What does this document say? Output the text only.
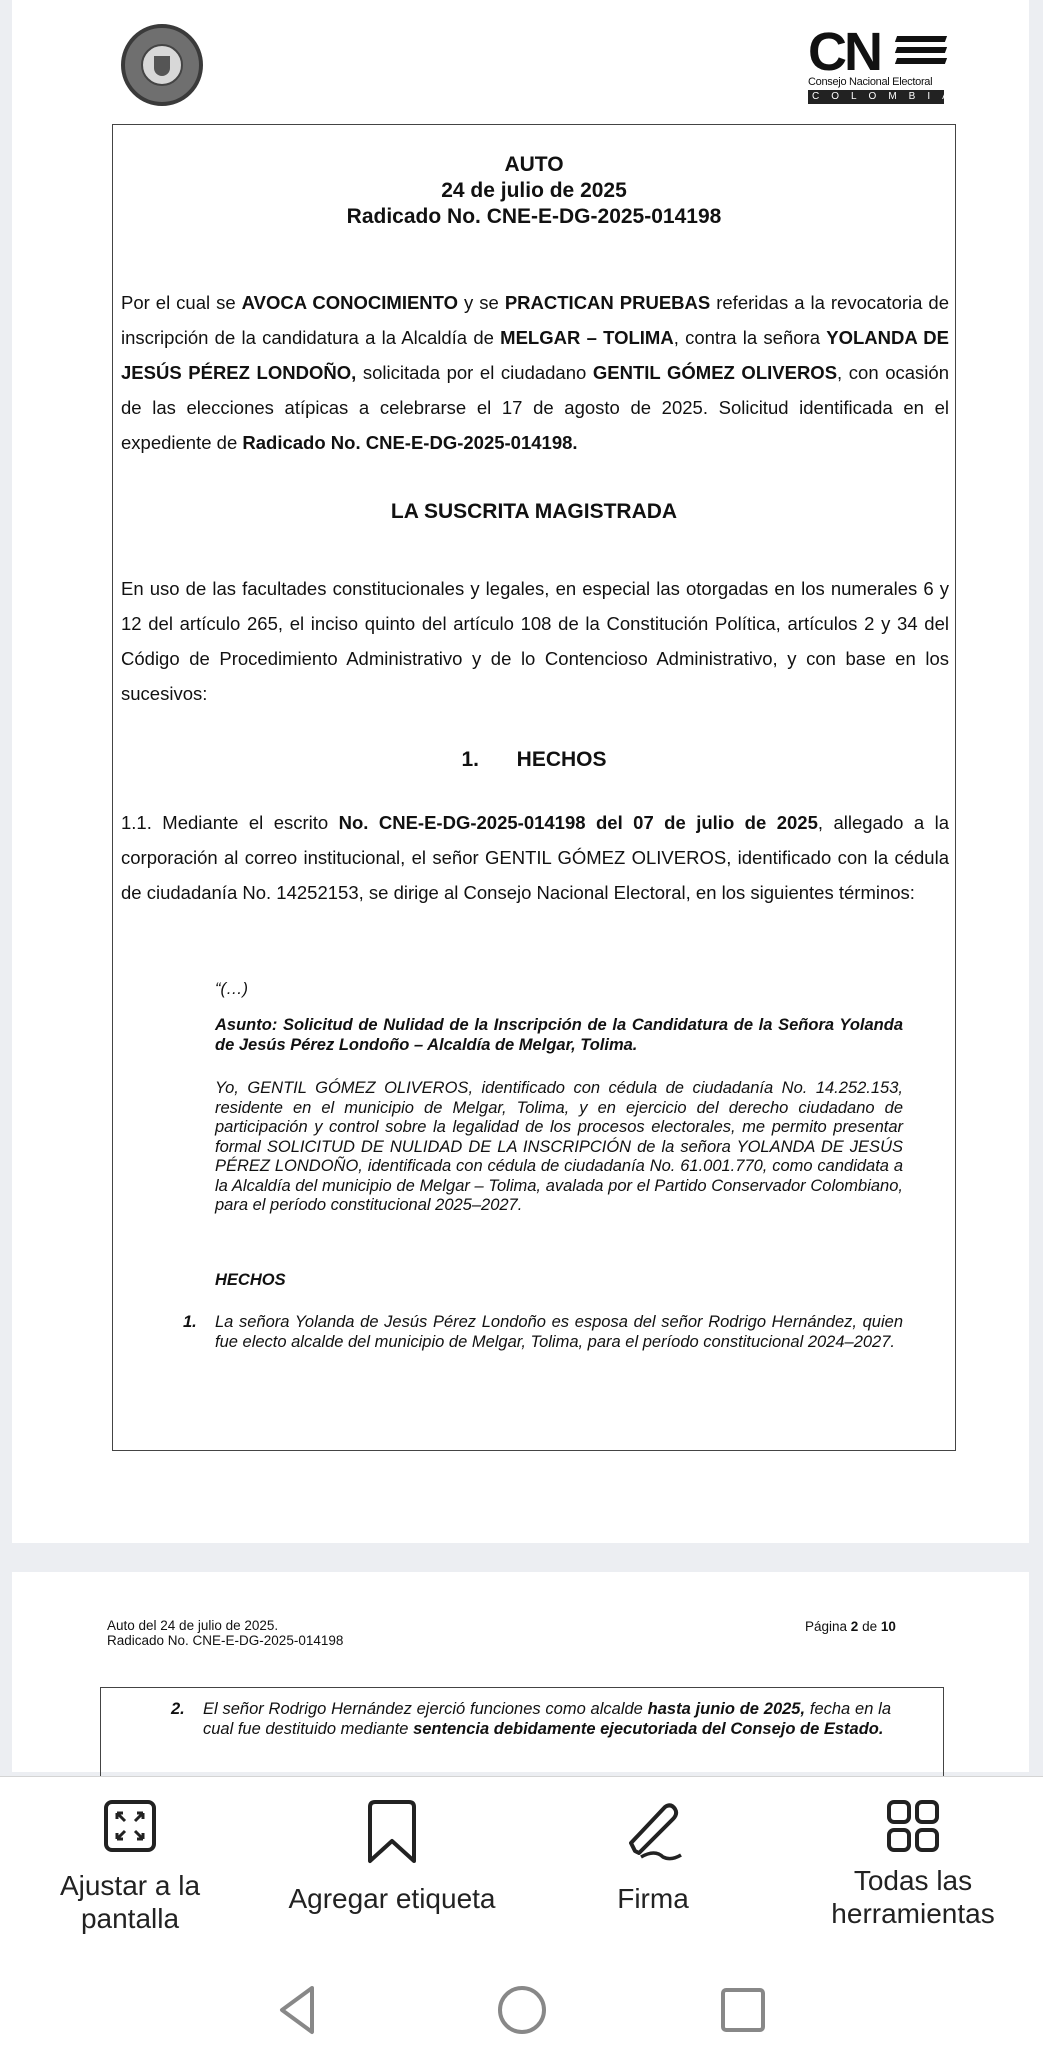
CN
Consejo Nacional Electoral
COLOMBIA
AUTO
24 de julio de 2025
Radicado No. CNE-E-DG-2025-014198
Por el cual se AVOCA CONOCIMIENTO y se PRACTICAN PRUEBAS referidas a la revocatoria de inscripción de la candidatura a la Alcaldía de MELGAR – TOLIMA, contra la señora YOLANDA DE JESÚS PÉREZ LONDOÑO, solicitada por el ciudadano GENTIL GÓMEZ OLIVEROS, con ocasión de las elecciones atípicas a celebrarse el 17 de agosto de 2025. Solicitud identificada en el expediente de Radicado No. CNE-E-DG-2025-014198.
LA SUSCRITA MAGISTRADA
En uso de las facultades constitucionales y legales, en especial las otorgadas en los numerales 6 y 12 del artículo 265, el inciso quinto del artículo 108 de la Constitución Política, artículos 2 y 34 del Código de Procedimiento Administrativo y de lo Contencioso Administrativo, y con base en los sucesivos:
1. HECHOS
1.1. Mediante el escrito No. CNE-E-DG-2025-014198 del 07 de julio de 2025, allegado a la corporación al correo institucional, el señor GENTIL GÓMEZ OLIVEROS, identificado con la cédula de ciudadanía No. 14252153, se dirige al Consejo Nacional Electoral, en los siguientes términos:
“(…)
Asunto: Solicitud de Nulidad de la Inscripción de la Candidatura de la Señora Yolanda de Jesús Pérez Londoño – Alcaldía de Melgar, Tolima.
Yo, GENTIL GÓMEZ OLIVEROS, identificado con cédula de ciudadanía No. 14.252.153, residente en el municipio de Melgar, Tolima, y en ejercicio del derecho ciudadano de participación y control sobre la legalidad de los procesos electorales, me permito presentar formal SOLICITUD DE NULIDAD DE LA INSCRIPCIÓN de la señora YOLANDA DE JESÚS PÉREZ LONDOÑO, identificada con cédula de ciudadanía No. 61.001.770, como candidata a la Alcaldía del municipio de Melgar – Tolima, avalada por el Partido Conservador Colombiano, para el período constitucional 2025–2027.
HECHOS
1.	La señora Yolanda de Jesús Pérez Londoño es esposa del señor Rodrigo Hernández, quien fue electo alcalde del municipio de Melgar, Tolima, para el período constitucional 2024–2027.
Auto del 24 de julio de 2025.
Radicado No. CNE-E-DG-2025-014198
Página 2 de 10
2.	El señor Rodrigo Hernández ejerció funciones como alcalde hasta junio de 2025, fecha en la cual fue destituido mediante sentencia debidamente ejecutoriada del Consejo de Estado.
Ajustar a la
pantalla
Agregar etiqueta	Firma
Todas las
herramientas
